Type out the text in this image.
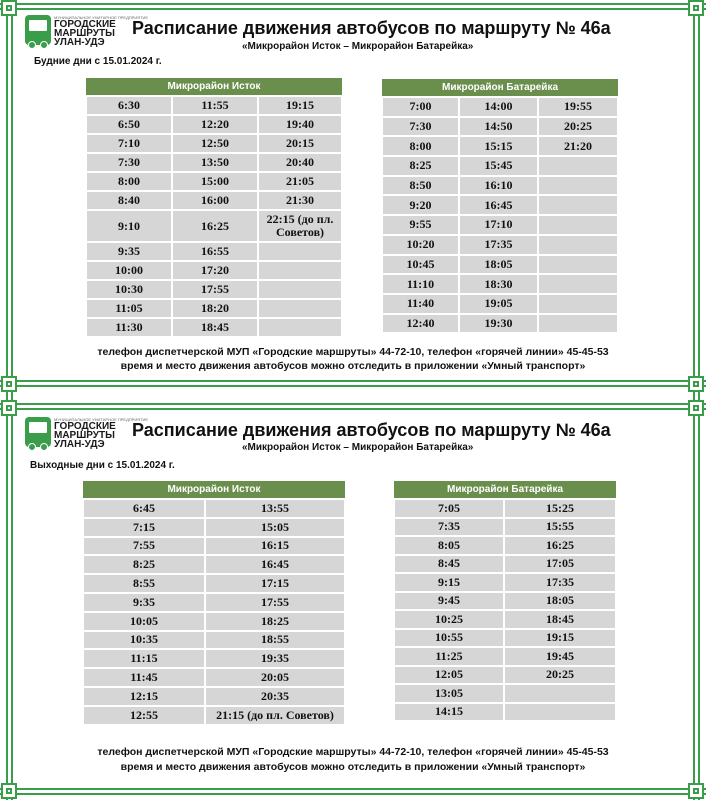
МУНИЦИПАЛЬНОЕ УНИТАРНОЕ ПРЕДПРИЯТИЕ
ГОРОДСКИЕ
МАРШРУТЫ
УЛАН-УДЭ
Расписание движения автобусов по маршруту № 46а
«Микрорайон Исток – Микрорайон Батарейка»
Будние дни с 15.01.2024 г.
Микрорайон Исток		
6:30	11:55	19:15
6:50	12:20	19:40
7:10	12:50	20:15
7:30	13:50	20:40
8:00	15:00	21:05
8:40	16:00	21:30
9:10	16:25	22:15 (до пл. Советов)
9:35	16:55	
10:00	17:20	
10:30	17:55	
11:05	18:20	
11:30	18:45	
Микрорайон Батарейка		
7:00	14:00	19:55
7:30	14:50	20:25
8:00	15:15	21:20
8:25	15:45	
8:50	16:10	
9:20	16:45	
9:55	17:10	
10:20	17:35	
10:45	18:05	
11:10	18:30	
11:40	19:05	
12:40	19:30	
телефон диспетчерской МУП «Городские маршруты» 44-72-10, телефон «горячей линии» 45-45-53
время и место движения автобусов можно отследить в приложении «Умный транспорт»
МУНИЦИПАЛЬНОЕ УНИТАРНОЕ ПРЕДПРИЯТИЕ
ГОРОДСКИЕ
МАРШРУТЫ
УЛАН-УДЭ
Расписание движения автобусов по маршруту № 46а
«Микрорайон Исток – Микрорайон Батарейка»
Выходные дни с 15.01.2024 г.
Микрорайон Исток	
6:45	13:55
7:15	15:05
7:55	16:15
8:25	16:45
8:55	17:15
9:35	17:55
10:05	18:25
10:35	18:55
11:15	19:35
11:45	20:05
12:15	20:35
12:55	21:15 (до пл. Советов)
Микрорайон Батарейка	
7:05	15:25
7:35	15:55
8:05	16:25
8:45	17:05
9:15	17:35
9:45	18:05
10:25	18:45
10:55	19:15
11:25	19:45
12:05	20:25
13:05	
14:15	
телефон диспетчерской МУП «Городские маршруты» 44-72-10, телефон «горячей линии» 45-45-53
время и место движения автобусов можно отследить в приложении «Умный транспорт»
